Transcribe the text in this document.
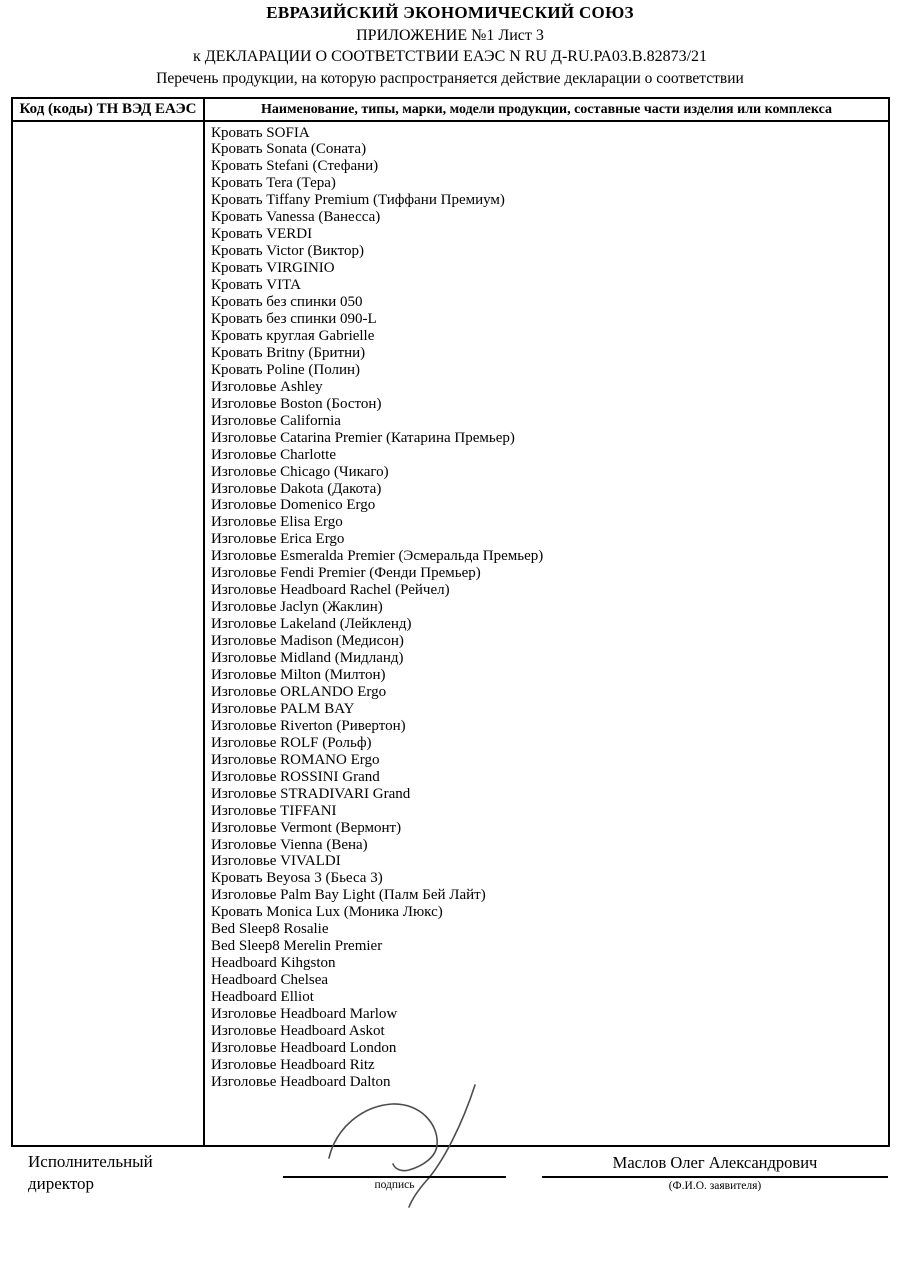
ЕВРАЗИЙСКИЙ ЭКОНОМИЧЕСКИЙ СОЮЗ
ПРИЛОЖЕНИЕ №1 Лист 3
к ДЕКЛАРАЦИИ О СООТВЕТСТВИИ ЕАЭС N RU Д-RU.РА03.В.82873/21
Перечень продукции, на которую распространяется действие декларации о соответствии
Код (коды) ТН ВЭД ЕАЭС	Наименование, типы, марки, модели продукции, составные части изделия или комплекса
Кровать SOFIA
Кровать Sonata (Соната)
Кровать Stefani (Стефани)
Кровать Tera (Тера)
Кровать Tiffany Premium (Тиффани Премиум)
Кровать Vanessa (Ванесса)
Кровать VERDI
Кровать Victor (Виктор)
Кровать VIRGINIO
Кровать VITA
Кровать без спинки 050
Кровать без спинки 090-L
Кровать круглая Gabrielle
Кровать Britny (Бритни)
Кровать Poline (Полин)
Изголовье Ashley
Изголовье Boston (Бостон)
Изголовье California
Изголовье Catarina Premier (Катарина Премьер)
Изголовье Charlotte
Изголовье Chicago (Чикаго)
Изголовье Dakota (Дакота)
Изголовье Domenico Ergo
Изголовье Elisa Ergo
Изголовье Erica Ergo
Изголовье Esmeralda Premier (Эсмеральда Премьер)
Изголовье Fendi Premier (Фенди Премьер)
Изголовье Headboard Rachel (Рейчел)
Изголовье Jaclyn (Жаклин)
Изголовье Lakeland (Лейкленд)
Изголовье Madison (Медисон)
Изголовье Midland (Мидланд)
Изголовье Milton (Милтон)
Изголовье ORLANDO Ergo
Изголовье PALM BAY
Изголовье Riverton (Ривертон)
Изголовье ROLF (Рольф)
Изголовье ROMANO Ergo
Изголовье ROSSINI Grand
Изголовье STRADIVARI Grand
Изголовье TIFFANI
Изголовье Vermont (Вермонт)
Изголовье Vienna (Вена)
Изголовье VIVALDI
Кровать Beyosa 3 (Бьеса 3)
Изголовье Palm Bay Light (Палм Бей Лайт)
Кровать Monica Lux (Моника Люкс)
Bed Sleep8 Rosalie
Bed Sleep8 Merelin Premier
Headboard Kihgston
Headboard Chelsea
Headboard Elliot
Изголовье Headboard Marlow
Изголовье Headboard Askot
Изголовье Headboard London
Изголовье Headboard Ritz
Изголовье Headboard Dalton
Исполнительный директор	подпись
Маслов Олег Александрович
(Ф.И.О. заявителя)
